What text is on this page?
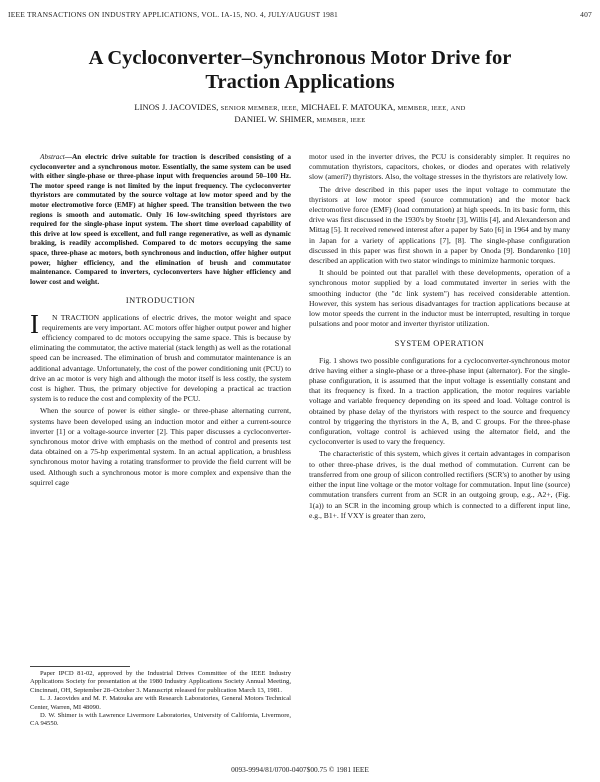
IEEE TRANSACTIONS ON INDUSTRY APPLICATIONS, VOL. IA-15, NO. 4, JULY/AUGUST 1981	407
A Cycloconverter–Synchronous Motor Drive for
Traction Applications
LINOS J. JACOVIDES, SENIOR MEMBER, IEEE, MICHAEL F. MATOUKA, MEMBER, IEEE, AND
DANIEL W. SHIMER, MEMBER, IEEE

Abstract—An electric drive suitable for traction is described consisting of a cycloconverter and a synchronous motor. Essentially, the same system can be used with either single-phase or three-phase input with frequencies around 50–100 Hz. The motor speed range is not limited by the input frequency. The cycloconverter thyristors are commutated by the source voltage at low motor speed and by the motor electromotive force (EMF) at higher speed. The transition between the two regions is smooth and automatic. Only 16 low-switching speed thyristors are required for the single-phase input system. The short time overload capability of this drive at low speed is excellent, and full range regenerative, as well as dynamic braking, is readily accomplished. Compared to dc motors occupying the same space, three-phase ac motors, both synchronous and induction, offer higher output power, higher efficiency, and the elimination of brush and commutator maintenance. Compared to inverters, cycloconverters have higher efficiency and lower cost and weight.

INTRODUCTION

I N TRACTION applications of electric drives, the motor weight and space requirements are very important. AC motors offer higher output power and higher efficiency compared to dc motors occupying the same space. This is because by eliminating the commutator, the active material (stack length) as well as the rotational speed can be increased. The elimination of brush and commutator maintenance is an additional advantage. Unfortunately, the cost of the power conditioning unit (PCU) to drive an ac motor is very high and although the motor itself is less costly, the system cost is higher. Thus, the primary objective for developing a practical ac traction system is to reduce the cost and complexity of the PCU.

When the source of power is either single- or three-phase alternating current, systems have been developed using an induction motor and either a current-source inverter [1] or a voltage-source inverter [2]. This paper discusses a cycloconverter-synchronous motor drive with emphasis on the method of control and presents test data obtained on a 75-hp experimental system. In an actual application, a brushless synchronous motor having a rotating transformer to provide the field current will be used. Although such a synchronous motor is more complex and expensive than the squirrel cage

Paper IPCD 81-02, approved by the Industrial Drives Committee of the IEEE Industry Applications Society for presentation at the 1980 Industry Applications Society Annual Meeting, Cincinnati, OH, September 28–October 3. Manuscript released for publication March 13, 1981.

L. J. Jacovides and M. F. Matouka are with Research Laboratories, General Motors Technical Center, Warren, MI 48090.

D. W. Shimer is with Lawrence Livermore Laboratories, University of California, Livermore, CA 94550.

motor used in the inverter drives, the PCU is considerably simpler. It requires no commutation thyristors, capacitors, chokes, or diodes and operates with relatively slow (ameri?) thyristors. Also, the voltage stresses in the thyristors are relatively low.

The drive described in this paper uses the input voltage to commutate the thyristors at low motor speed (source commutation) and the motor back electromotive force (EMF) (load commutation) at high speeds. In its basic form, this drive was first discussed in the 1930's by Stoehr [3], Willis [4], and Alexanderson and Mittag [5]. It received renewed interest after a paper by Sato [6] in 1964 and by many in Japan for a variety of applications [7], [8]. The single-phase configuration discussed in this paper was first shown in a paper by Onoda [9]. Bondarenko [10] described an application with two stator windings to minimize harmonic torques.

It should be pointed out that parallel with these developments, operation of a synchronous motor supplied by a load commutated inverter in series with the smoothing inductor (the "dc link system") has received considerable attention. However, this system has serious disadvantages for traction applications because at low motor speeds the current in the inductor must be interrupted, resulting in torque pulsations and poor motor and inverter thyristor utilization.

SYSTEM OPERATION

Fig. 1 shows two possible configurations for a cycloconverter-synchronous motor drive having either a single-phase or a three-phase input (alternator). For the single-phase configuration, it is assumed that the input voltage is essentially constant and that its frequency is fixed. In a traction application, the motor requires variable voltage and variable frequency depending on its speed and load. Voltage control is obtained by phase delay of the thyristors with respect to the source and frequency control by triggering the thyristors in the A, B, and C groups. For the three-phase configuration, voltage control is achieved using the alternator field, and the cycloconverter is used to vary the frequency.

The characteristic of this system, which gives it certain advantages in comparison to other three-phase drives, is the dual method of commutation. Current can be transferred from one group of silicon controlled rectifiers (SCR's) to another by using either the input line voltage or the motor voltage for commutation. Input line (source) commutation transfers current from an SCR in an outgoing group, e.g., A2+, (Fig. 1(a)) to an SCR in the incoming group which is connected to a different input line, e.g., B1+. If VXY is greater than zero,

0093-9994/81/0700-0407$00.75 © 1981 IEEE
